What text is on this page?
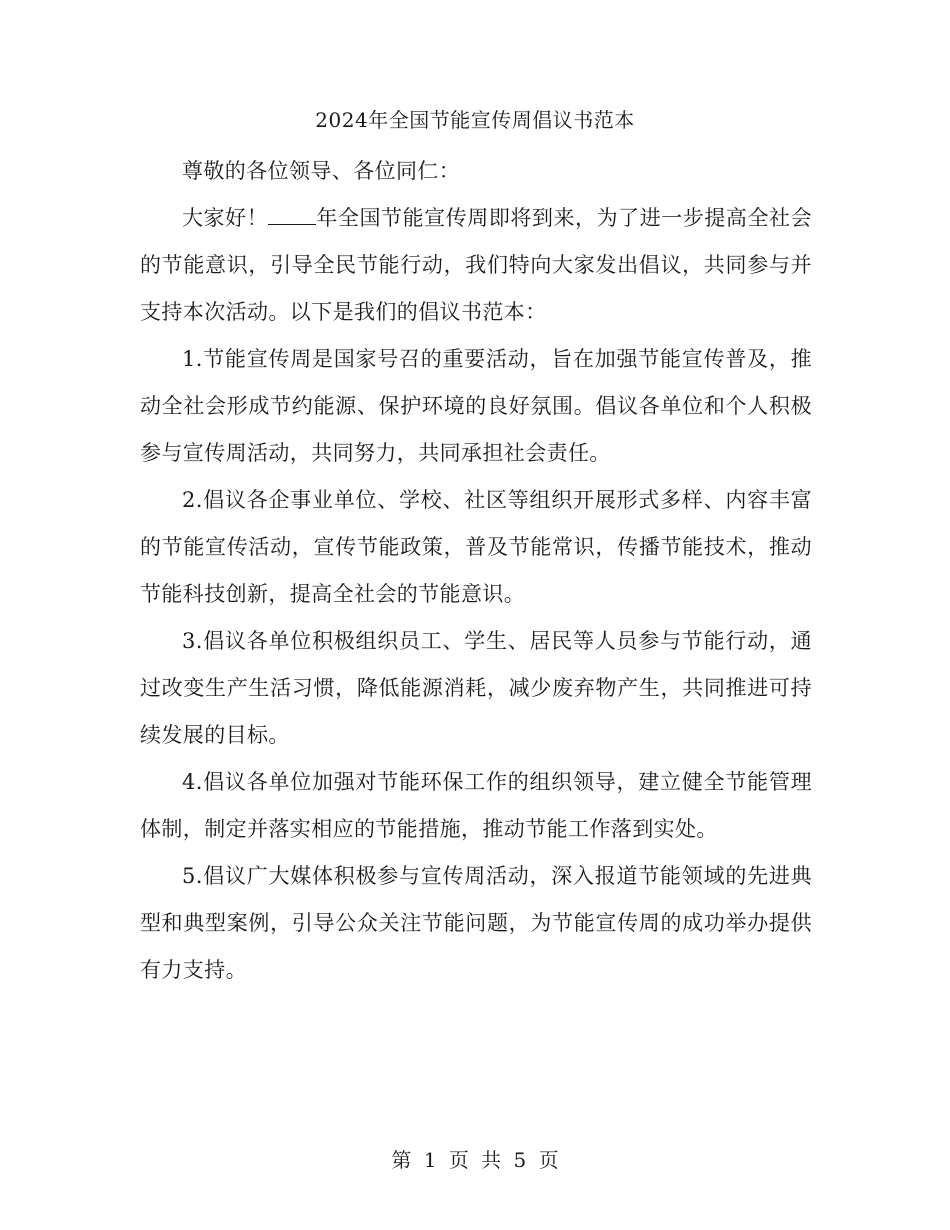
2024年全国节能宣传周倡议书范本

尊敬的各位领导、各位同仁：

大家好！ 年全国节能宣传周即将到来，为了进一步提高全社会的节能意识，引导全民节能行动，我们特向大家发出倡议，共同参与并支持本次活动。以下是我们的倡议书范本：

1.节能宣传周是国家号召的重要活动，旨在加强节能宣传普及，推动全社会形成节约能源、保护环境的良好氛围。倡议各单位和个人积极参与宣传周活动，共同努力，共同承担社会责任。

2.倡议各企事业单位、学校、社区等组织开展形式多样、内容丰富的节能宣传活动，宣传节能政策，普及节能常识，传播节能技术，推动节能科技创新，提高全社会的节能意识。

3.倡议各单位积极组织员工、学生、居民等人员参与节能行动，通过改变生产生活习惯，降低能源消耗，减少废弃物产生，共同推进可持续发展的目标。

4.倡议各单位加强对节能环保工作的组织领导，建立健全节能管理体制，制定并落实相应的节能措施，推动节能工作落到实处。

5.倡议广大媒体积极参与宣传周活动，深入报道节能领域的先进典型和典型案例，引导公众关注节能问题，为节能宣传周的成功举办提供有力支持。

第 1 页 共 5 页
